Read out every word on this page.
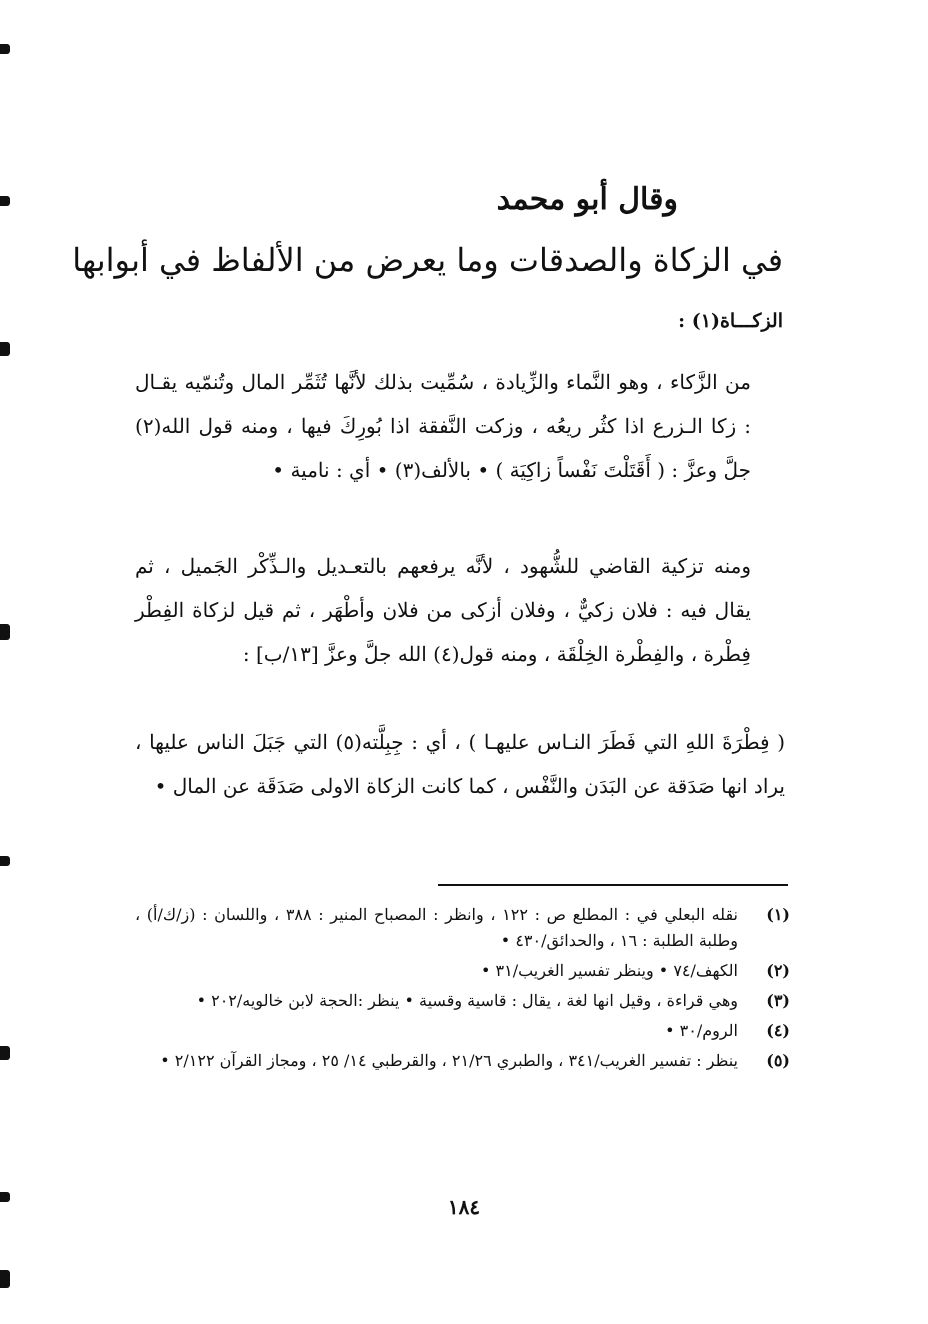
وقال أبو محمد
في الزكاة والصدقات وما يعرض من الألفاظ في أبوابها
الزكـــاة(١) :

من الزَّكاء ، وهو النَّماء والزِّيادة ، سُمِّيت بذلك لأنَّها تُثَمِّر المال وتُنمّيه يقـال : زكا الـزرع اذا كثُر ريعُه ، وزكت النَّفقة اذا بُورِكَ فيها ، ومنه قول الله(٢) جلَّ وعزَّ : ( أَقَتَلْتَ نَفْساً زاكِيَة ) • بالألف(٣) • أي : نامية •

ومنه تزكية القاضي للشُّهود ، لأنَّه يرفعهم بالتعـديل والـذِّكْر الجَميل ، ثم يقال فيه : فلان زكيٌّ ، وفلان أزكى من فلان وأطْهَر ، ثم قيل لزكاة الفِطْر فِطْرة ، والفِطْرة الخِلْقَة ، ومنه قول(٤) الله جلَّ وعزَّ [١٣/ب] :

( فِطْرَةَ اللهِ التي فَطَرَ النـاس عليهـا ) ، أي : جِبِلَّته(٥) التي جَبَلَ الناس عليها ، يراد انها صَدَقة عن البَدَن والنَّفْس ، كما كانت الزكاة الاولى صَدَقَة عن المال •

(١)
نقله البعلي في : المطلع ص : ١٢٢ ، وانظر : المصباح المنير : ٣٨٨ ، واللسان : (ز/ك/أ) ، وطلبة الطلبة : ١٦ ، والحدائق/٤٣٠ •
(٢)
الكهف/٧٤ • وينظر تفسير الغريب/٣١ •
(٣)
وهي قراءة ، وقيل انها لغة ، يقال : قاسية وقسية • ينظر :الحجة لابن خالويه/٢٠٢ •
(٤)
الروم/٣٠ •
(٥)
ينظر : تفسير الغريب/٣٤١ ، والطبري ٢١/٢٦ ، والقرطبي ١٤/ ٢٥ ، ومجاز القرآن ٢/١٢٢ •
١٨٤
